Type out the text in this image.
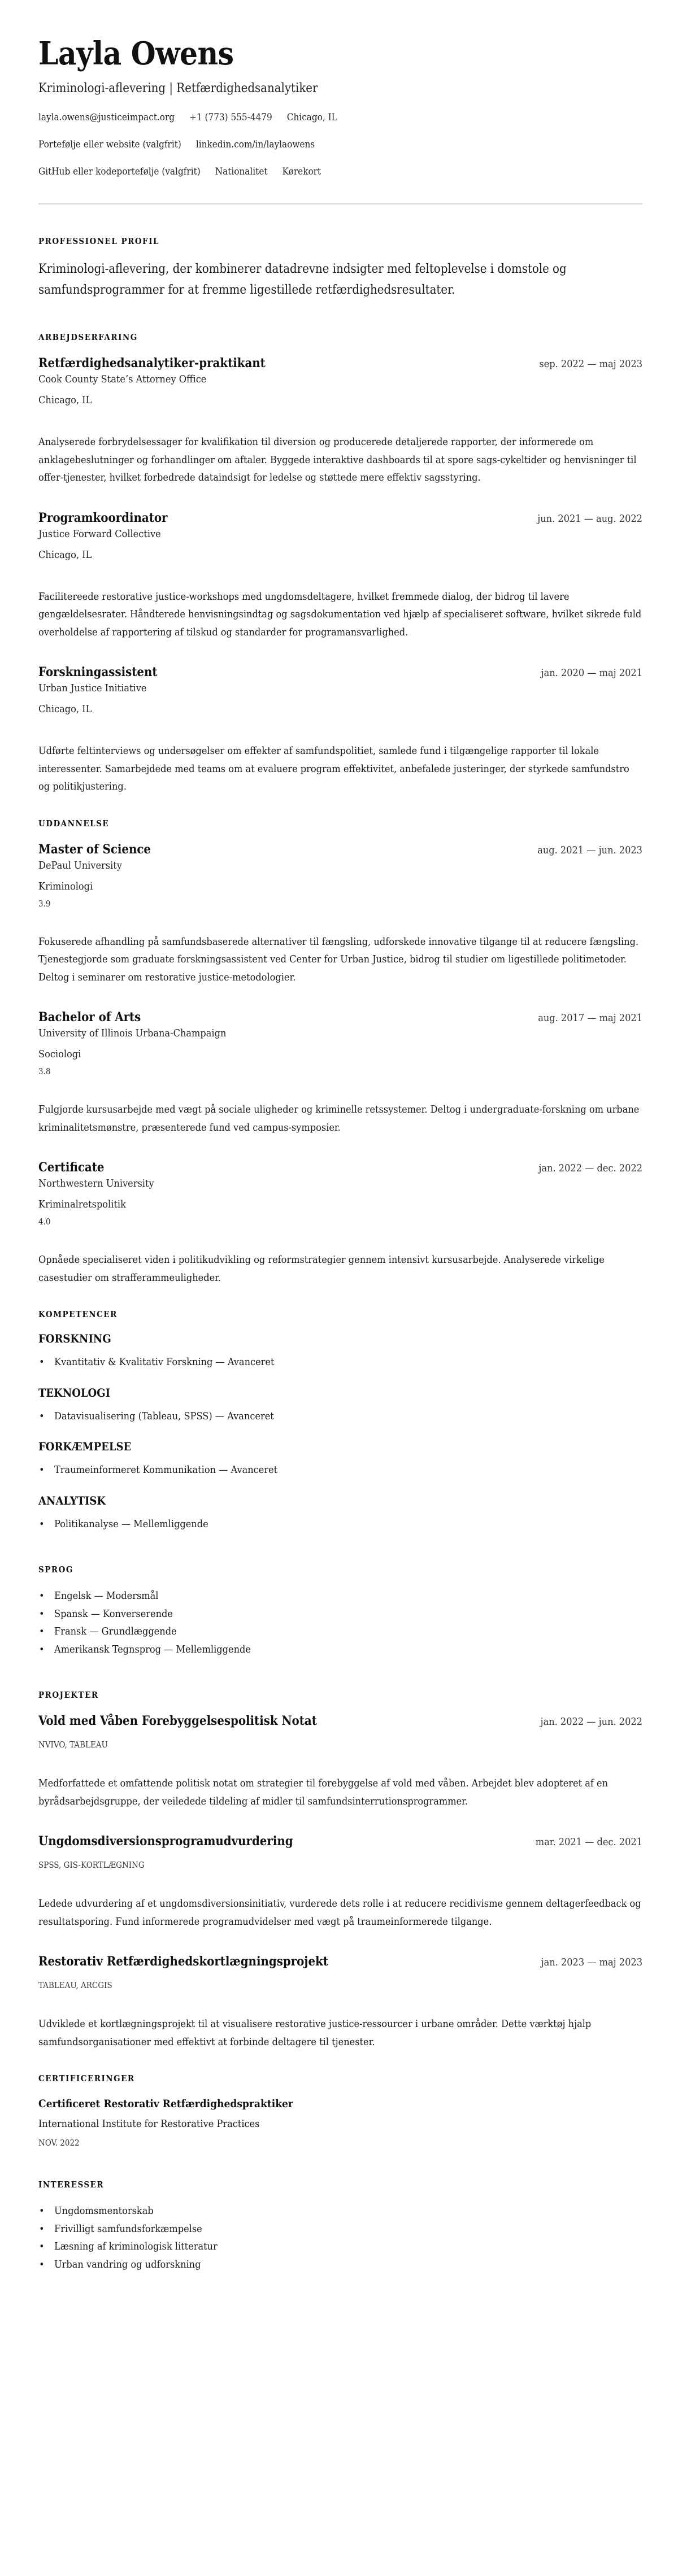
Layla Owens
Kriminologi-aflevering | Retfærdighedsanalytiker
layla.owens@justiceimpact.org +1 (773) 555-4479 Chicago, IL
Portefølje eller website (valgfrit) linkedin.com/in/laylaowens
GitHub eller kodeportefølje (valgfrit) Nationalitet Kørekort
PROFESSIONEL PROFIL

Kriminologi-aflevering, der kombinerer datadrevne indsigter med feltoplevelse i domstole og samfundsprogrammer for at fremme ligestillede retfærdighedsresultater.

ARBEJDSERFARING
Retfærdighedsanalytiker-praktikant	sep. 2022 — maj 2023
Cook County State’s Attorney Office
Chicago, IL

Analyserede forbrydelsessager for kvalifikation til diversion og producerede detaljerede rapporter, der informerede om anklagebeslutninger og forhandlinger om aftaler. Byggede interaktive dashboards til at spore sags-cykeltider og henvisninger til offer-tjenester, hvilket forbedrede dataindsigt for ledelse og støttede mere effektiv sagsstyring.

Programkoordinator	jun. 2021 — aug. 2022
Justice Forward Collective
Chicago, IL

Facilitereede restorative justice-workshops med ungdomsdeltagere, hvilket fremmede dialog, der bidrog til lavere gengældelsesrater. Håndterede henvisningsindtag og sagsdokumentation ved hjælp af specialiseret software, hvilket sikrede fuld overholdelse af rapportering af tilskud og standarder for programansvarlighed.

Forskningassistent	jan. 2020 — maj 2021
Urban Justice Initiative
Chicago, IL

Udførte feltinterviews og undersøgelser om effekter af samfundspolitiet, samlede fund i tilgængelige rapporter til lokale interessenter. Samarbejdede med teams om at evaluere program effektivitet, anbefalede justeringer, der styrkede samfundstro og politikjustering.

UDDANNELSE
Master of Science	aug. 2021 — jun. 2023
DePaul University
Kriminologi
3.9

Fokuserede afhandling på samfundsbaserede alternativer til fængsling, udforskede innovative tilgange til at reducere fængsling. Tjenestegjorde som graduate forskningsassistent ved Center for Urban Justice, bidrog til studier om ligestillede politimetoder. Deltog i seminarer om restorative justice-metodologier.

Bachelor of Arts	aug. 2017 — maj 2021
University of Illinois Urbana-Champaign
Sociologi
3.8

Fulgjorde kursusarbejde med vægt på sociale uligheder og kriminelle retssystemer. Deltog i undergraduate-forskning om urbane kriminalitetsmønstre, præsenterede fund ved campus-symposier.

Certificate	jan. 2022 — dec. 2022
Northwestern University
Kriminalretspolitik
4.0

Opnåede specialiseret viden i politikudvikling og reformstrategier gennem intensivt kursusarbejde. Analyserede virkelige casestudier om strafferammeuligheder.

KOMPETENCER
FORSKNING
• Kvantitativ & Kvalitativ Forskning — Avanceret
TEKNOLOGI
• Datavisualisering (Tableau, SPSS) — Avanceret
FORKÆMPELSE
• Traumeinformeret Kommunikation — Avanceret
ANALYTISK
• Politikanalyse — Mellemliggende
SPROG
• Engelsk — Modersmål
• Spansk — Konverserende
• Fransk — Grundlæggende
• Amerikansk Tegnsprog — Mellemliggende
PROJEKTER
Vold med Våben Forebyggelsespolitisk Notat	jan. 2022 — jun. 2022
NVIVO, TABLEAU

Medforfattede et omfattende politisk notat om strategier til forebyggelse af vold med våben. Arbejdet blev adopteret af en byrådsarbejdsgruppe, der veiledede tildeling af midler til samfundsinterrutionsprogrammer.

Ungdomsdiversionsprogramudvurdering	mar. 2021 — dec. 2021
SPSS, GIS-KORTLÆGNING

Ledede udvurdering af et ungdomsdiversionsinitiativ, vurderede dets rolle i at reducere recidivisme gennem deltagerfeedback og resultatsporing. Fund informerede programudvidelser med vægt på traumeinformerede tilgange.

Restorativ Retfærdighedskortlægningsprojekt	jan. 2023 — maj 2023
TABLEAU, ARCGIS

Udviklede et kortlægningsprojekt til at visualisere restorative justice-ressourcer i urbane områder. Dette værktøj hjalp samfundsorganisationer med effektivt at forbinde deltagere til tjenester.

CERTIFICERINGER
Certificeret Restorativ Retfærdighedspraktiker
International Institute for Restorative Practices
NOV. 2022
INTERESSER
• Ungdomsmentorskab
• Frivilligt samfundsforkæmpelse
• Læsning af kriminologisk litteratur
• Urban vandring og udforskning
